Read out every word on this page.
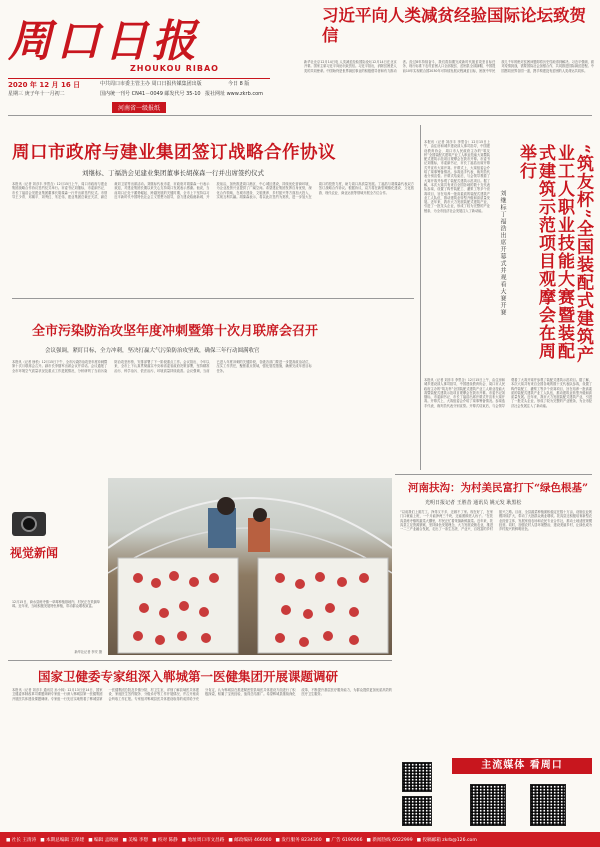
周口日报
ZHOUKOU RIBAO
2020 年 12 月 16 日
星期三 庚子年十一月初二
中共周口市委主管主办 周口日报传媒集团出版	今日 8 版
国内统一刊号 CN41－0049 邮发代号 35-10 报社网址 www.zkrb.com
河南省一级报纸
习近平向人类减贫经验国际论坛致贺信
新华社北京12月14日电 人类减贫经验国际论坛12月14日在北京开幕。国家主席习近平向论坛致贺信。习近平指出，消除贫困是人类的共同使命。中国始终是世界减贫事业的积极倡导者和有力推动者。经过8年持续奋斗，我们将如期完成新时代脱贫攻坚目标任务，现行标准下农村贫困人口全部脱贫、贫困县全部摘帽，中国提前10年实现联合国2030年可持续发展议程减贫目标，困扰中华民族几千年的绝对贫困问题即将历史性地得到解决。习近平强调，面对疫情挑战，需要国际社会加强合作，共同推进国际减贫进程。中国愿同世界各国一道，携手构建没有贫困的人类命运共同体。
周口市政府与建业集团签订战略合作协议
刘继标、丁福浩会见建业集团董事长胡葆森一行并出席签约仪式
本报讯（记者 刘彦丰 李思含）12月15日上午，周口市政府与建业集团战略合作协议签约仪式举行。市委书记刘继标，市委副书记、市长丁福浩会见建业集团董事长胡葆森一行并出席签约仪式。市领导王少青、邓嫄平、刘秀红、朱宏伟，建业集团总裁汪天武、副总裁刘卫星等出席活动。刘继标代表市委、市政府对胡葆森一行表示欢迎，对建业集团长期以来关心支持周口发展表示感谢。他说，当前周口正处于蓄势崛起、跨越发展的关键时期，全市上下坚持以习近平新时代中国特色社会主义思想为指导，奋力建设临港新城、开放前沿，加快推进周口港区、中心城区建设，持续优化营商环境，为企业投资兴业提供了广阔空间。希望建业集团发挥自身优势，深化合作领域，在城市建设、文旅康养、乡村振兴等方面加大投入，实现互利共赢。胡葆森表示，将以此次签约为契机，进一步加大在周口的投资力度，助力周口高质量发展。丁福浩与胡葆森代表双方签订战略合作协议。根据协议，双方将在新型城镇化建设、文化旅游、现代农业、商业运营等领域开展全方位合作。
全市污染防治攻坚年度冲刺暨第十次月联席会召开
会议强调，紧盯目标，全力冲刺，坚决打赢大气污染防治攻坚战，确保三年行动圆满收官
本报讯（记者 徐松）12月15日下午，全市污染防治攻坚年度冲刺暨第十次月联席会召开。副市长李继军出席会议并讲话。会议通报了全市环境空气质量状况及重点工作进展情况，分析研判了当前污染防治攻坚形势，安排部署了下一阶段重点工作。会议指出，今年以来，全市上下认真贯彻落实中央和省委省政府决策部署，坚持精准治污、科学治污、依法治污，环境质量持续改善。会议强调，当前已进入年度冲刺的关键阶段，各级各部门要进一步提高政治站位，压实工作责任，聚焦重点领域，强化管控措施，确保完成年度目标任务。
“筑友杯”全国装配式建筑产业工人职业技能大赛暨装配式建筑示范项目观摩会在周举行
刘继标丁福浩出席开幕式并观看大赛开赛
本报讯（记者 刘彦丰 李思含）12月15日上午，由住房和城乡建设部人事司指导，中国建设教育协会、周口市人民政府主办的“筑友杯”全国装配式建筑产业工人职业技能大赛暨装配式建筑示范项目观摩会在我市开幕。市委书记刘继标，市委副书记、市长丁福浩出席开幕式并宣布大赛开赛。开幕式上，大赛组委会介绍了赛事筹备情况。参赛选手代表、裁判员代表分别宣誓。开幕式结束后，与会领导观看了大赛开赛并参观了装配式建筑示范项目。据了解，本次大赛共有来自全国各地的数十支代表队参赛，设置了构件装配工、灌浆工等多个竞赛项目，旨在培养一批高素质的装配式建筑产业工人队伍，推动建筑业转型升级和高质量发展。近年来，我市大力发展装配式建筑产业，引进了一批龙头企业，形成了较为完整的产业链条，为全市经济社会发展注入了新动能。
本报讯（记者 刘彦丰 李思含）12月15日上午，由住房和城乡建设部人事司指导，中国建设教育协会、周口市人民政府主办的“筑友杯”全国装配式建筑产业工人职业技能大赛暨装配式建筑示范项目观摩会在我市开幕。市委书记刘继标，市委副书记、市长丁福浩出席开幕式并宣布大赛开赛。开幕式上，大赛组委会介绍了赛事筹备情况。参赛选手代表、裁判员代表分别宣誓。开幕式结束后，与会领导观看了大赛开赛并参观了装配式建筑示范项目。据了解，本次大赛共有来自全国各地的数十支代表队参赛，设置了构件装配工、灌浆工等多个竞赛项目，旨在培养一批高素质的装配式建筑产业工人队伍，推动建筑业转型升级和高质量发展。近年来，我市大力发展装配式建筑产业，引进了一批龙头企业，形成了较为完整的产业链条，为全市经济社会发展注入了新动能。
河南扶沟：为村美民富打下“绿色根基”
光明日报记者 王胜昔 通讯员 姚元发 耿黑松
“以前我们上面打工，挣得又不多，还顾不了家。现在好了，在家门口就能上班，一个月能挣两三千块，还能照顾老人孩子。”在扶沟县练寺镇的蔬菜大棚里，村民正忙着采摘新鲜蔬菜。近年来，扶沟县立足资源禀赋，坚持绿色发展理念，大力发展设施农业，推进一二三产业融合发展，走出了一条生态美、产业兴、百姓富的乡村振兴之路。目前，全县蔬菜种植面积稳定在数十万亩，设施农业规模持续扩大，带动了大批群众就业增收。扶沟县还积极培育新型农业经营主体，发展家庭农场和农民专业合作社，推动土地适度规模经营。同时，加强农村人居环境整治，建设美丽乡村，让绿色成为乡村振兴的鲜明底色。
视觉新闻
12月15日，商水县练寺镇一草莓种植基地内，村民正在采摘草莓。近年来，当地积极发展特色种植，带动群众增收致富。
新华社记者 李安 摄
国家卫健委专家组深入郸城第一医健集团开展课题调研
本报讯（记者 刘彦丰 通讯员 孙小林）12月13日至14日，国家卫健委体制改革司课题调研专家组一行深入郸城县第一医健集团开展医共体建设课题调研。专家组一行先后实地察看了郸城县第一医健集团总院及乡镇分院、村卫生室，详细了解县域医共体建设、家庭医生签约服务、分级诊疗等工作开展情况，并召开座谈会听取工作汇报。专家组对郸城县医共体建设取得的成效给予充分肯定，认为郸城县在推进紧密型县域医共体建设方面进行了积极探索，积累了宝贵经验，值得总结推广。希望郸城县继续深化改革，不断提升基层医疗服务能力，为群众提供更加优质高效的医疗卫生服务。
主流媒体 看周口
■ 社长 王清涛 ■ 本期总编辑 王保建 ■ 编辑 孟晓丽 ■ 美编 李想 ■ 校对 陈静 ■ 地址周口市文昌路 ■ 邮政编码 466000 ■ 发行服务 8234300 ■ 广告 6190066 ■ 新闻热线 6022999 ■ 投稿邮箱 zkrb@126.com
